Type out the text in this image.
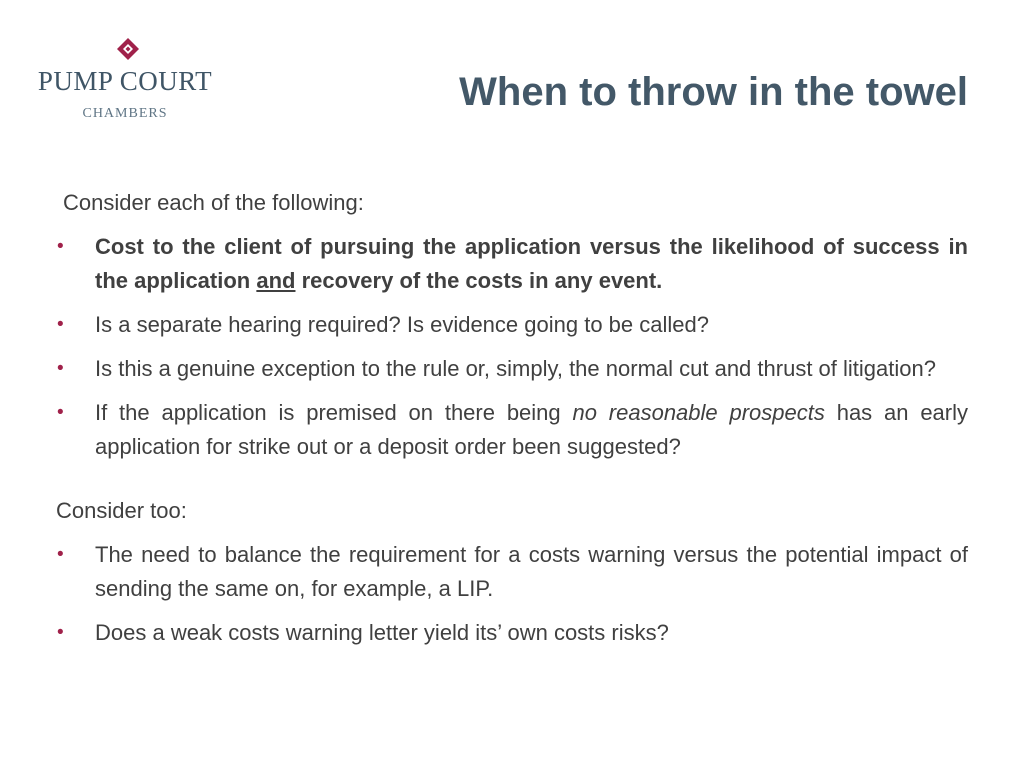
PUMP COURT
CHAMBERS	When to throw in the towel
Consider each of the following:
• Cost to the client of pursuing the application versus the likelihood of success in the application and recovery of the costs in any event.
• Is a separate hearing required? Is evidence going to be called?
• Is this a genuine exception to the rule or, simply, the normal cut and thrust of litigation?
• If the application is premised on there being no reasonable prospects has an early application for strike out or a deposit order been suggested?
Consider too:
• The need to balance the requirement for a costs warning versus the potential impact of sending the same on, for example, a LIP.
• Does a weak costs warning letter yield its’ own costs risks?
